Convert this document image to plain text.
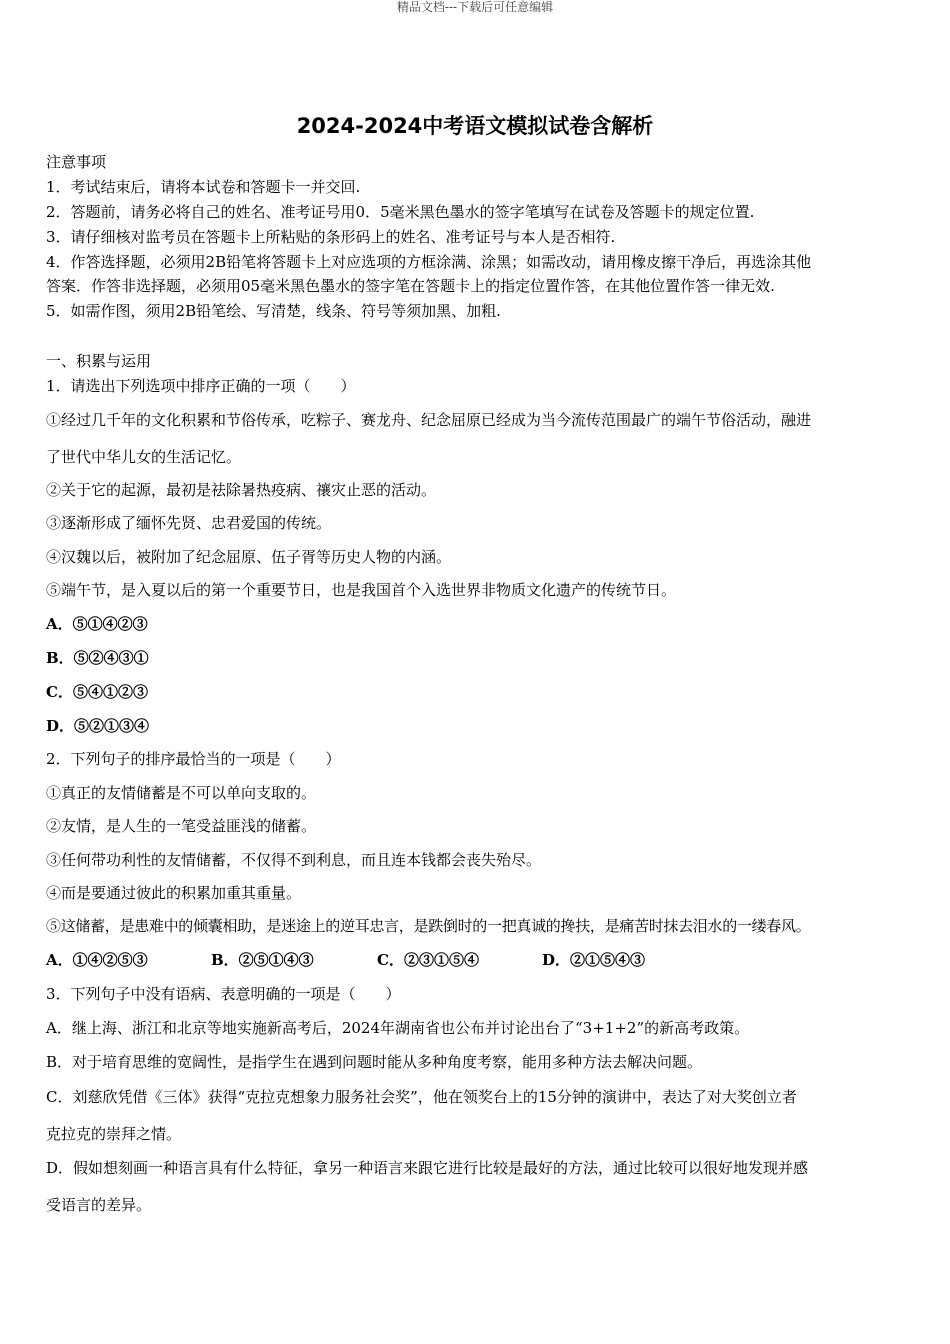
精品文档---下载后可任意编辑
2024-2024中考语文模拟试卷含解析
注意事项
1．考试结束后，请将本试卷和答题卡一并交回.
2．答题前，请务必将自己的姓名、准考证号用0．5毫米黑色墨水的签字笔填写在试卷及答题卡的规定位置.
3．请仔细核对监考员在答题卡上所粘贴的条形码上的姓名、准考证号与本人是否相符.
4．作答选择题，必须用2B铅笔将答题卡上对应选项的方框涂满、涂黑；如需改动，请用橡皮擦干净后，再选涂其他
答案．作答非选择题，必须用05毫米黑色墨水的签字笔在答题卡上的指定位置作答，在其他位置作答一律无效.
5．如需作图，须用2B铅笔绘、写清楚，线条、符号等须加黑、加粗.
一、积累与运用
1．请选出下列选项中排序正确的一项（　　）
①经过几千年的文化积累和节俗传承，吃粽子、赛龙舟、纪念屈原已经成为当今流传范围最广的端午节俗活动，融进
了世代中华儿女的生活记忆。
②关于它的起源，最初是祛除暑热疫病、禳灾止恶的活动。
③逐渐形成了缅怀先贤、忠君爱国的传统。
④汉魏以后，被附加了纪念屈原、伍子胥等历史人物的内涵。
⑤端午节，是入夏以后的第一个重要节日，也是我国首个入选世界非物质文化遗产的传统节日。
A．⑤①④②③
B．⑤②④③①
C．⑤④①②③
D．⑤②①③④
2．下列句子的排序最恰当的一项是（　　）
①真正的友情储蓄是不可以单向支取的。
②友情，是人生的一笔受益匪浅的储蓄。
③任何带功利性的友情储蓄，不仅得不到利息，而且连本钱都会丧失殆尽。
④而是要通过彼此的积累加重其重量。
⑤这储蓄，是患难中的倾囊相助，是迷途上的逆耳忠言，是跌倒时的一把真诚的搀扶，是痛苦时抹去泪水的一缕春风。
A．①④②⑤③	B．②⑤①④③	C．②③①⑤④	D．②①⑤④③
3．下列句子中没有语病、表意明确的一项是（　　）
A．继上海、浙江和北京等地实施新高考后，2024年湖南省也公布并讨论出台了“3+1+2”的新高考政策。
B．对于培育思维的宽阔性，是指学生在遇到问题时能从多种角度考察，能用多种方法去解决问题。
C．刘慈欣凭借《三体》获得“克拉克想象力服务社会奖”，他在领奖台上的15分钟的演讲中，表达了对大奖创立者
克拉克的崇拜之情。
D．假如想刻画一种语言具有什么特征，拿另一种语言来跟它进行比较是最好的方法，通过比较可以很好地发现并感
受语言的差异。
